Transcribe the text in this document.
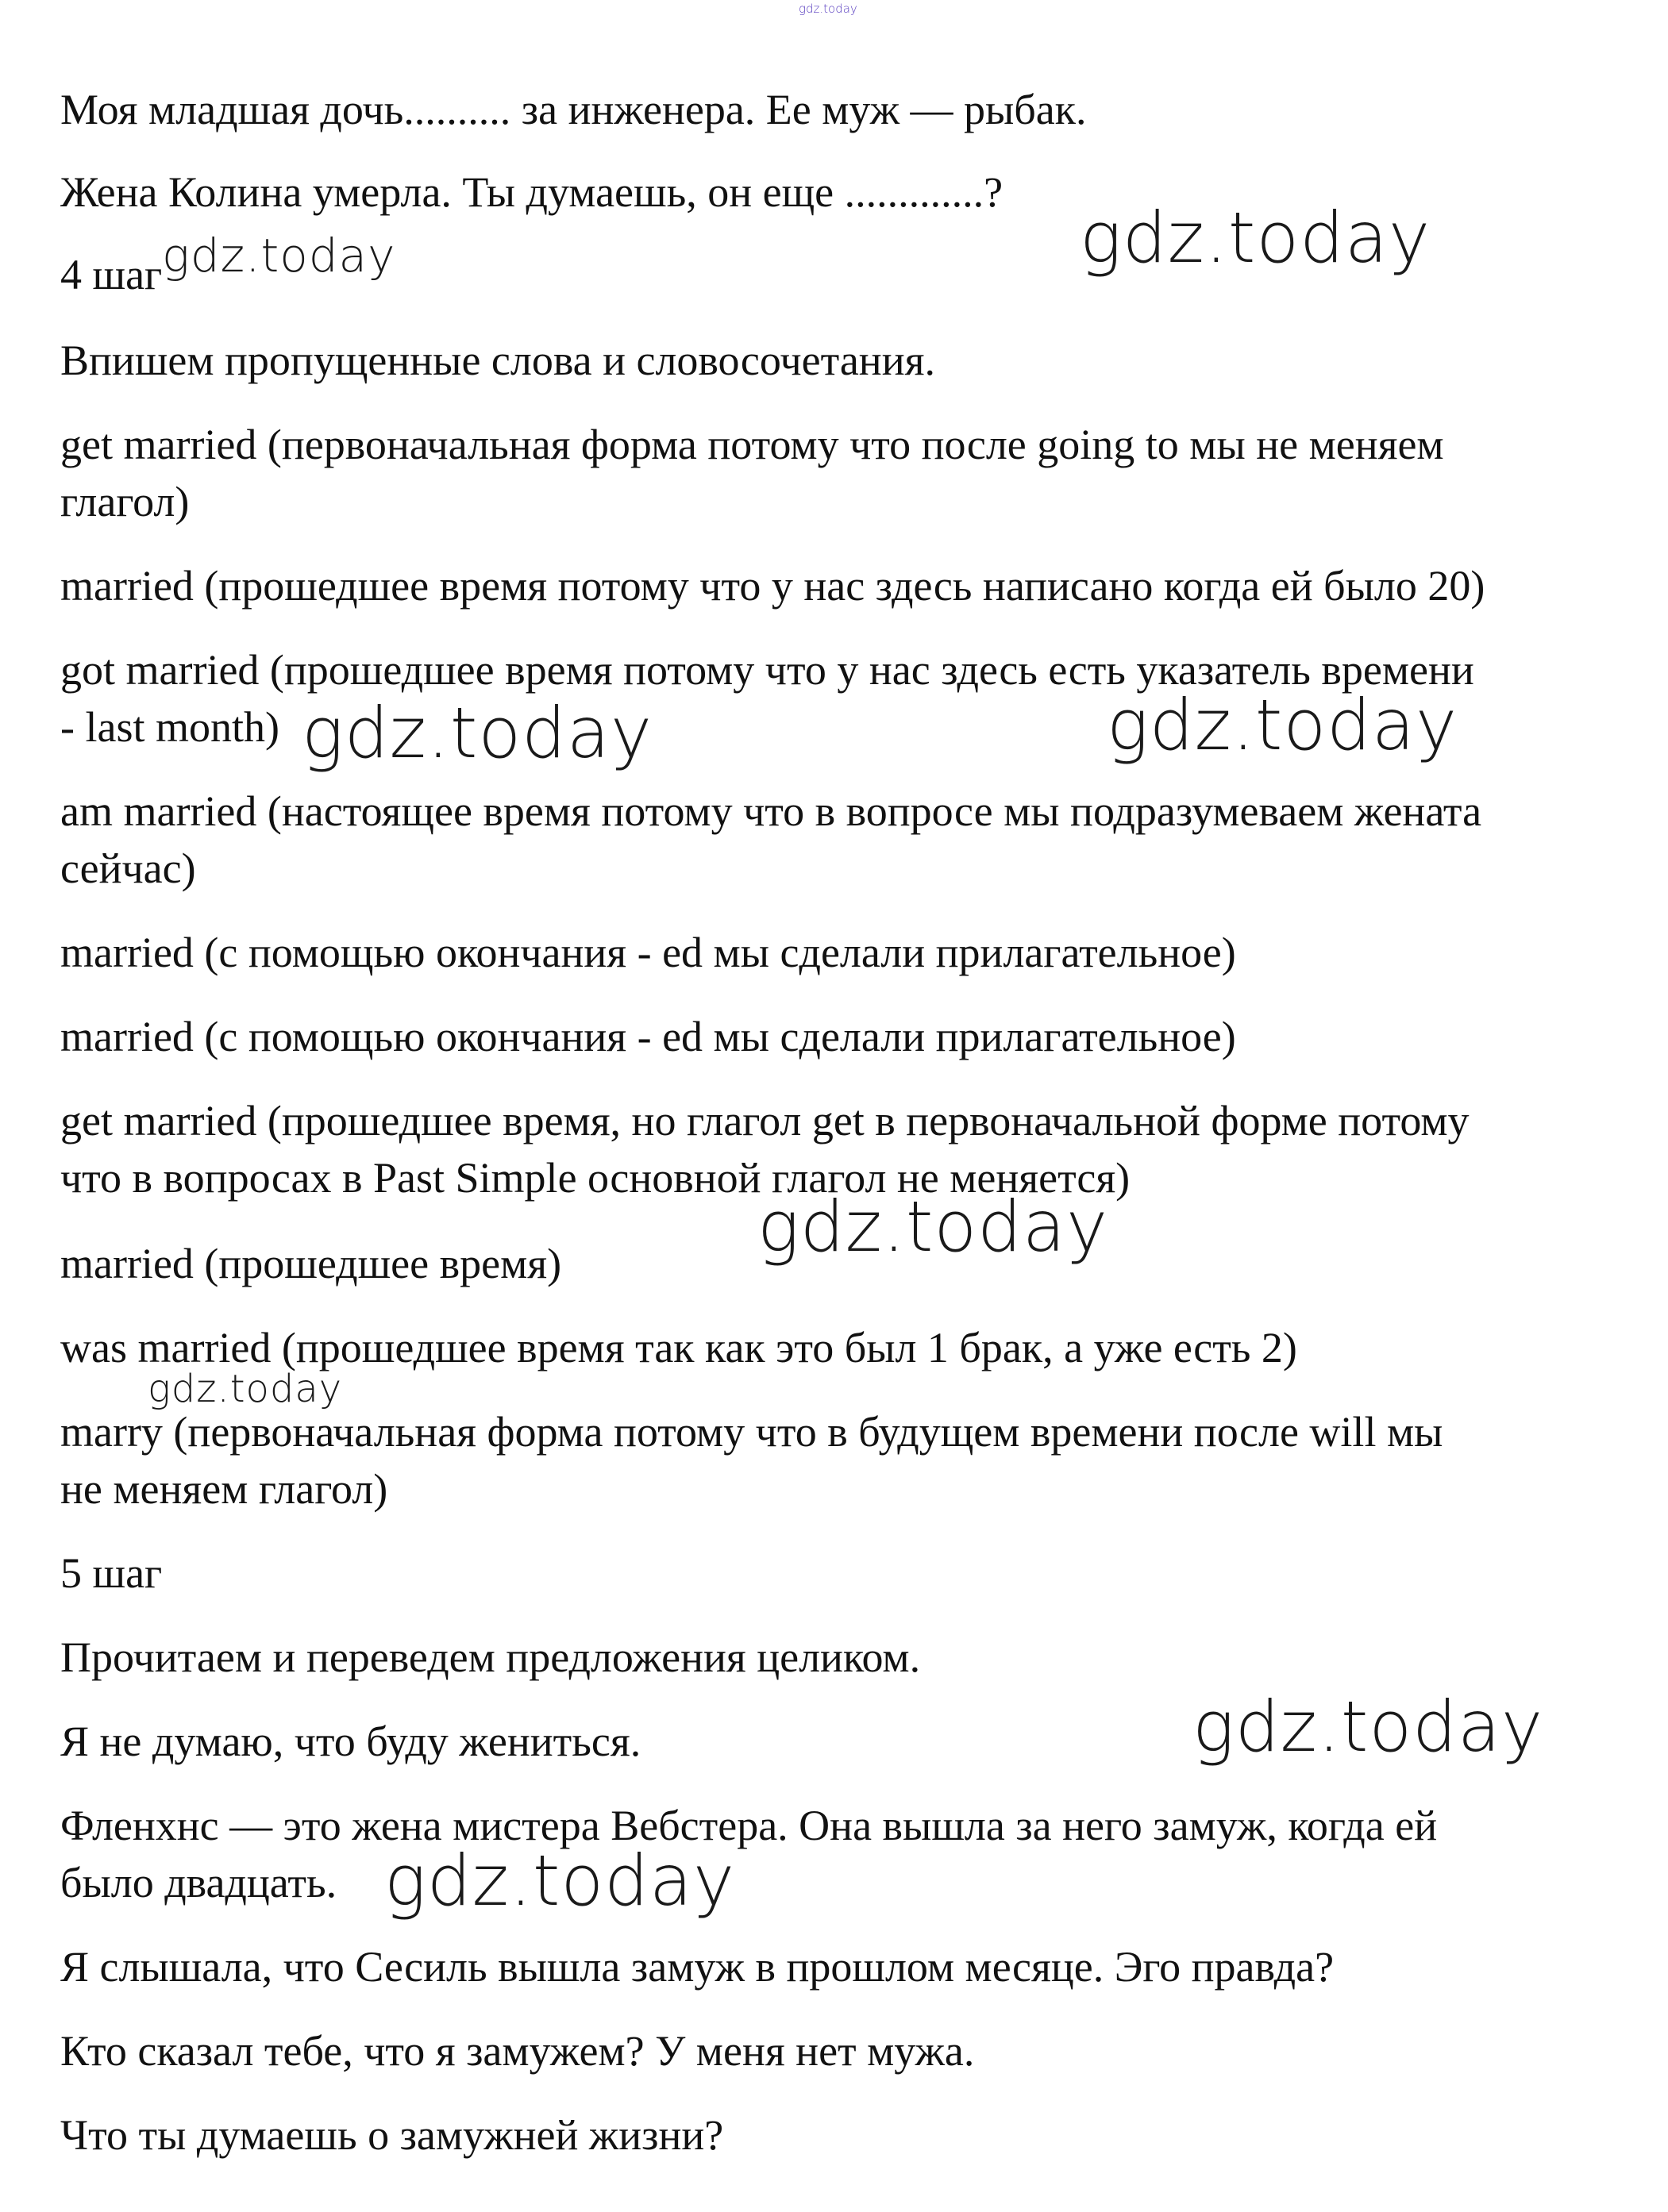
gdz.today
Моя младшая дочь.......... за инженера. Ее муж — рыбак.
Жена Колина умерла. Ты думаешь, он еще .............?
4 шаг
Впишем пропущенные слова и словосочетания.
get married (первоначальная форма потому что после going to мы не меняем
глагол)
married (прошедшее время потому что у нас здесь написано когда ей было 20)
got married (прошедшее время потому что у нас здесь есть указатель времени
- last month)
am married (настоящее время потому что в вопросе мы подразумеваем жената
сейчас)
married (с помощью окончания - ed мы сделали прилагательное)
married (с помощью окончания - ed мы сделали прилагательное)
get married (прошедшее время, но глагол get в первоначальной форме потому
что в вопросах в Past Simple основной глагол не меняется)
married (прошедшее время)
was married (прошедшее время так как это был 1 брак, а уже есть 2)
marry (первоначальная форма потому что в будущем времени после will мы
не меняем глагол)
5 шаг
Прочитаем и переведем предложения целиком.
Я не думаю, что буду жениться.
Фленхнс — это жена мистера Вебстера. Она вышла за него замуж, когда ей
было двадцать.
Я слышала, что Сесиль вышла замуж в прошлом месяце. Эго правда?
Кто сказал тебе, что я замужем? У меня нет мужа.
Что ты думаешь о замужней жизни?
gdz.today
gdz.today
gdz.today	gdz.today
gdz.today
gdz.today
gdz.today
gdz.today
